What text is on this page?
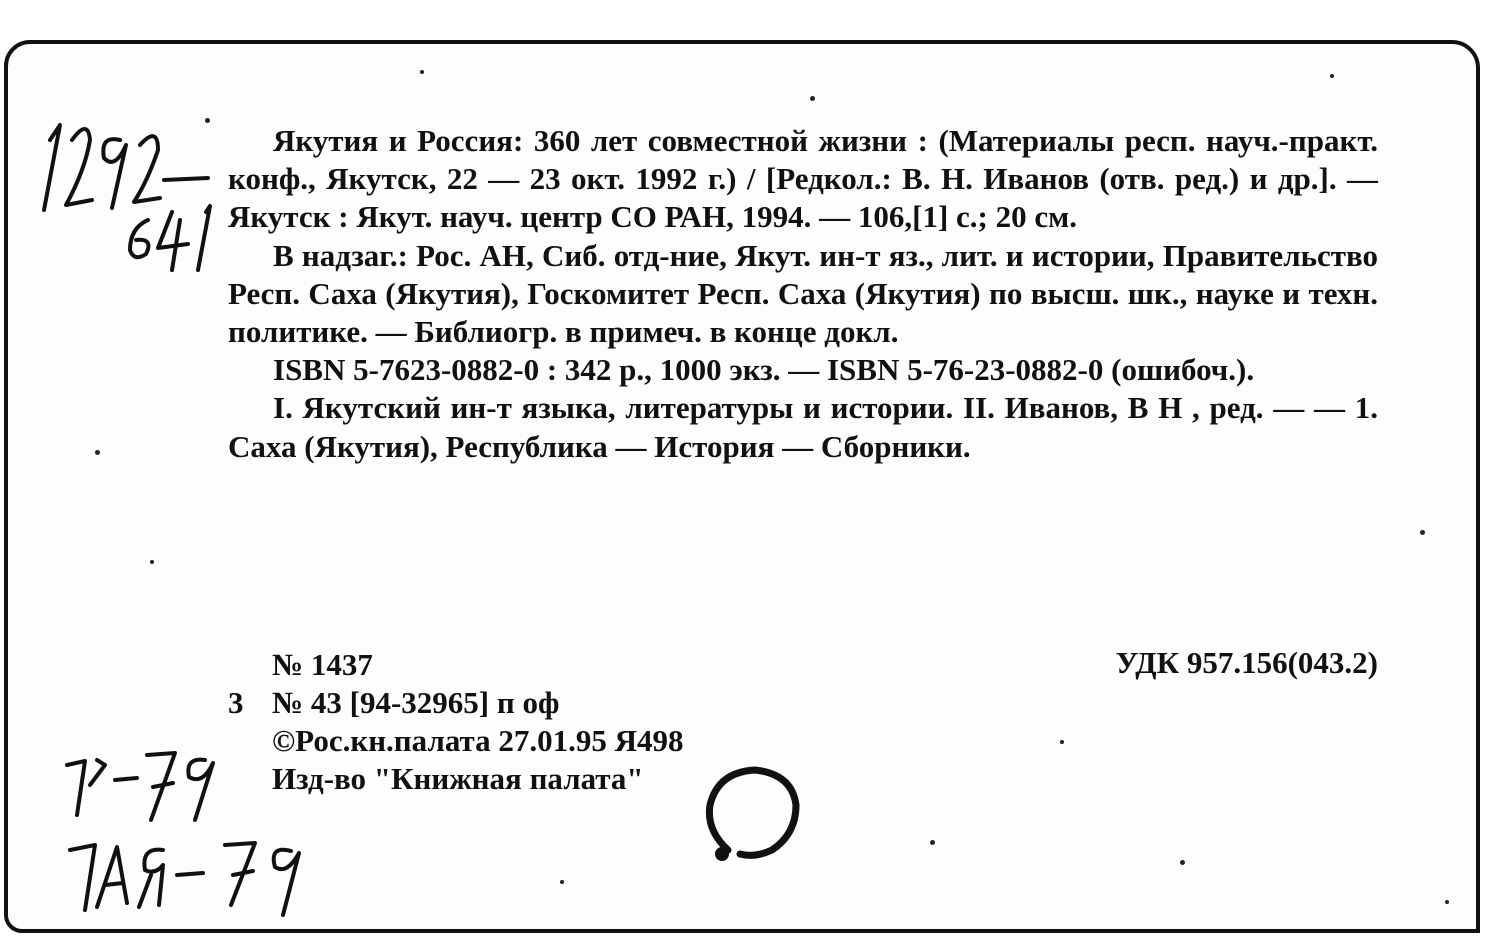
Якутия и Россия: 360 лет совместной жизни : (Материалы респ. науч.-практ. конф., Якутск, 22 — 23 окт. 1992 г.) / [Редкол.: В. Н. Иванов (отв. ред.) и др.]. — Якутск : Якут. науч. центр СО РАН, 1994. — 106,[1] с.; 20 см.

В надзаг.: Рос. АН, Сиб. отд-ние, Якут. ин-т яз., лит. и истории, Правительство Респ. Саха (Якутия), Госкомитет Респ. Саха (Якутия) по высш. шк., науке и техн. политике. — Библиогр. в примеч. в конце докл.

ISBN 5-7623-0882-0 : 342 р., 1000 экз. — ISBN 5-76-23-0882-0 (ошибоч.).

I. Якутский ин-т языка, литературы и истории. II. Иванов, В Н , ред. — — 1. Саха (Якутия), Республика — История — Сборники.

№ 1437	УДК 957.156(043.2)
3 № 43 [94-32965] п оф
©Рос.кн.палата 27.01.95 Я498
Изд-во "Книжная палата"
